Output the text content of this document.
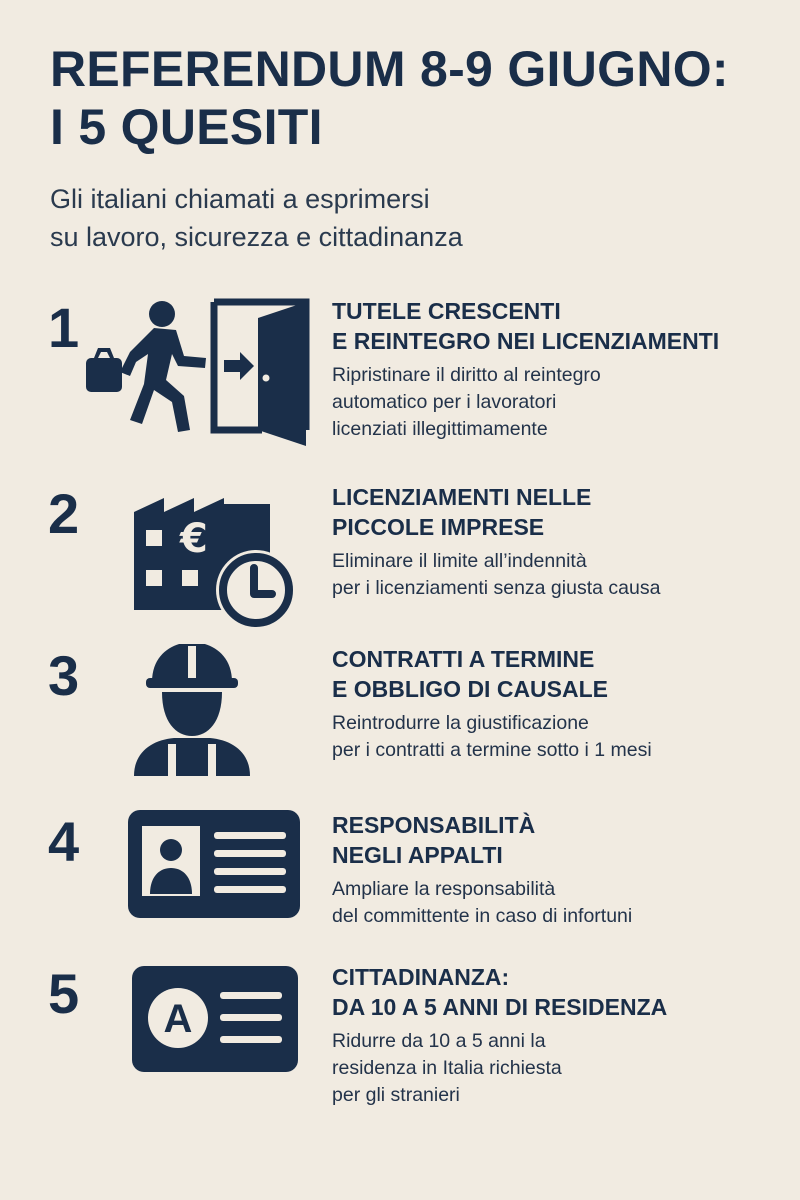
REFERENDUM 8-9 GIUGNO:
I 5 QUESITI
Gli italiani chiamati a esprimersi
su lavoro, sicurezza e cittadinanza
1	TUTELE CRESCENTI
E REINTEGRO NEI LICENZIAMENTI
Ripristinare il diritto al reintegro
automatico per i lavoratori
licenziati illegittimamente
2	€
LICENZIAMENTI NELLE
PICCOLE IMPRESE
Eliminare il limite all’indennità
per i licenziamenti senza giusta causa
3	CONTRATTI A TERMINE
E OBBLIGO DI CAUSALE
Reintrodurre la giustificazione
per i contratti a termine sotto i 1 mesi
4	RESPONSABILITÀ
NEGLI APPALTI
Ampliare la responsabilità
del committente in caso di infortuni
5 A
CITTADINANZA:
DA 10 A 5 ANNI DI RESIDENZA
Ridurre da 10 a 5 anni la
residenza in Italia richiesta
per gli stranieri
